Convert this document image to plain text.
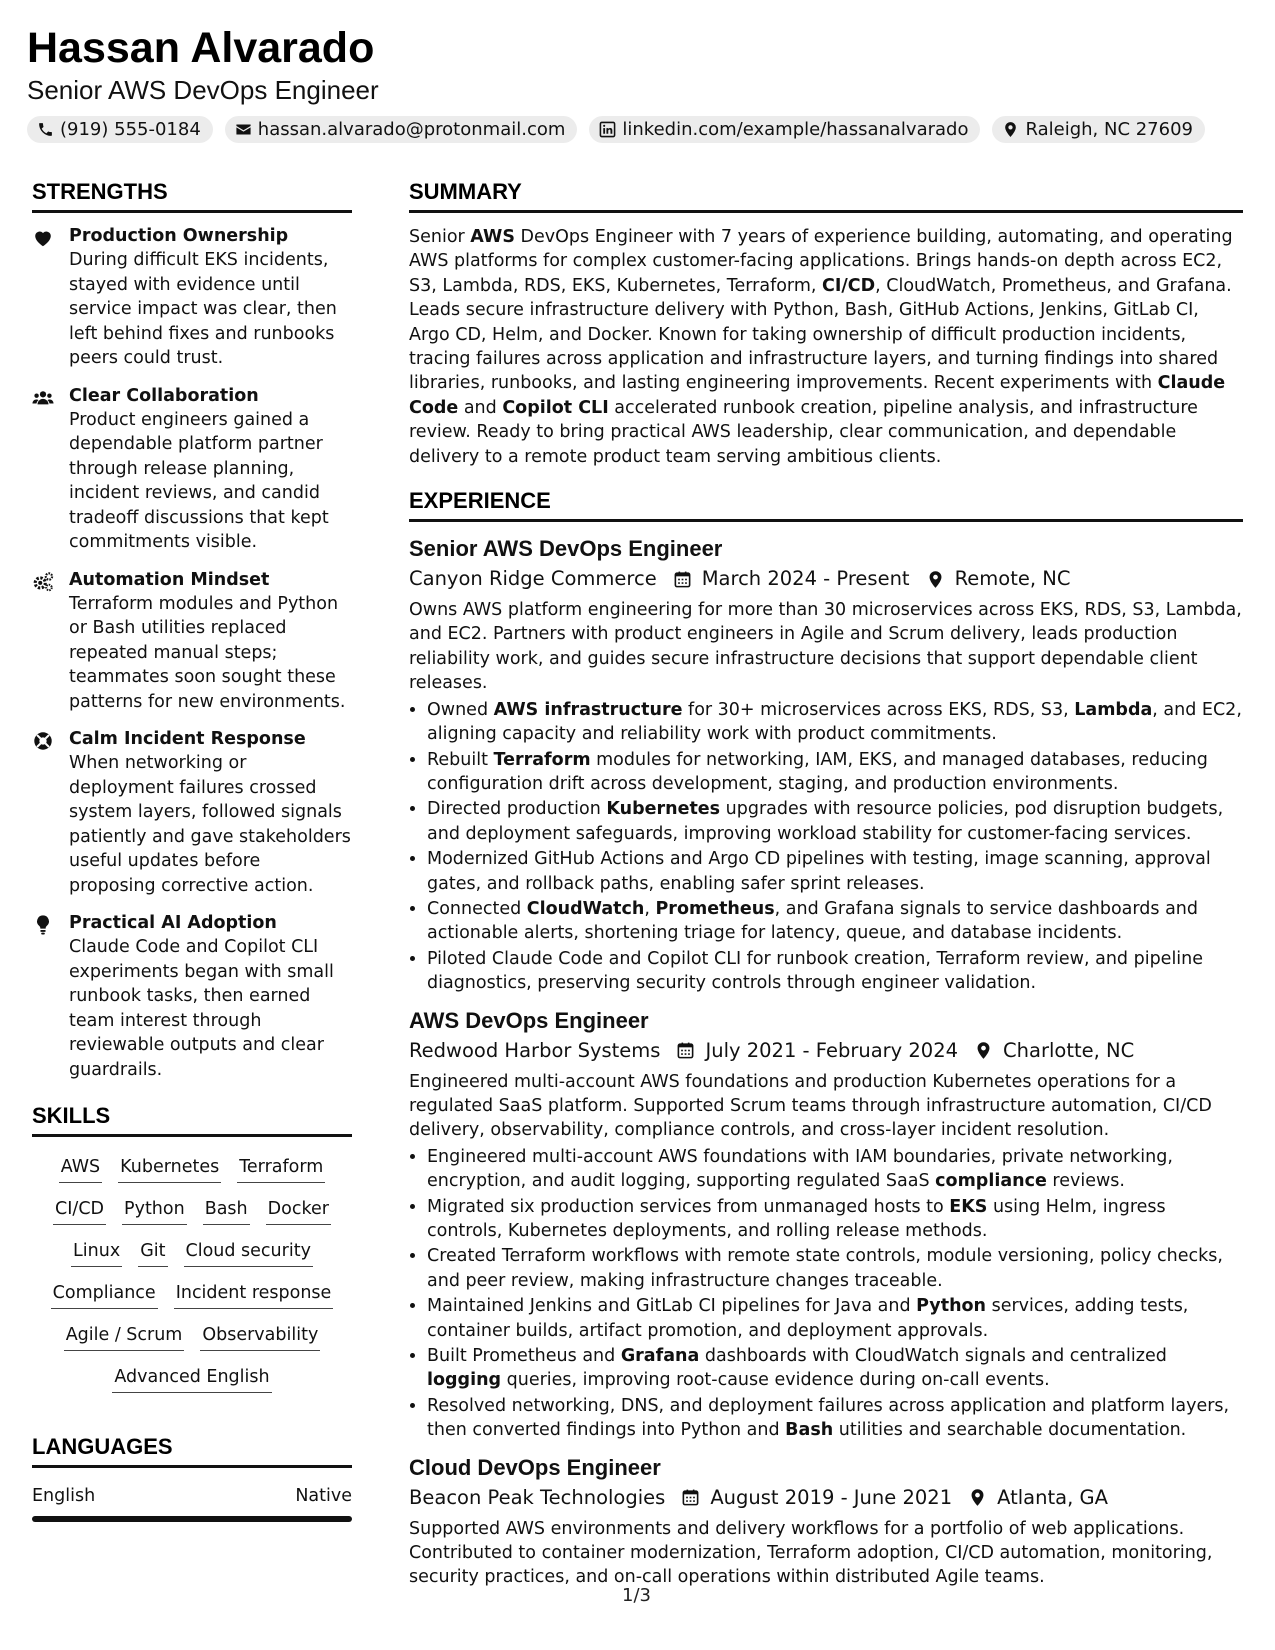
Hassan Alvarado
Senior AWS DevOps Engineer
(919) 555-0184	hassan.alvarado@protonmail.com	linkedin.com/example/hassanalvarado	Raleigh, NC 27609
STRENGTHS
Production Ownership
During difficult EKS incidents, stayed with evidence until service impact was clear, then left behind fixes and runbooks peers could trust.
Clear Collaboration
Product engineers gained a dependable platform partner through release planning, incident reviews, and candid tradeoff discussions that kept commitments visible.
Automation Mindset
Terraform modules and Python or Bash utilities replaced repeated manual steps; teammates soon sought these patterns for new environments.
Calm Incident Response
When networking or deployment failures crossed system layers, followed signals patiently and gave stakeholders useful updates before proposing corrective action.
Practical AI Adoption
Claude Code and Copilot CLI experiments began with small runbook tasks, then earned team interest through reviewable outputs and clear guardrails.
SKILLS
AWS Kubernetes Terraform
CI/CD Python Bash Docker
Linux Git Cloud security
Compliance Incident response
Agile / Scrum Observability
Advanced English
LANGUAGES
English	Native
SUMMARY

Senior AWS DevOps Engineer with 7 years of experience building, automating, and operating AWS platforms for complex customer-facing applications. Brings hands-on depth across EC2, S3, Lambda, RDS, EKS, Kubernetes, Terraform, CI/CD, CloudWatch, Prometheus, and Grafana. Leads secure infrastructure delivery with Python, Bash, GitHub Actions, Jenkins, GitLab CI, Argo CD, Helm, and Docker. Known for taking ownership of difficult production incidents, tracing failures across application and infrastructure layers, and turning findings into shared libraries, runbooks, and lasting engineering improvements. Recent experiments with Claude Code and Copilot CLI accelerated runbook creation, pipeline analysis, and infrastructure review. Ready to bring practical AWS leadership, clear communication, and dependable delivery to a remote product team serving ambitious clients.

EXPERIENCE
Senior AWS DevOps Engineer
Canyon Ridge Commerce March 2024 - Present Remote, NC

Owns AWS platform engineering for more than 30 microservices across EKS, RDS, S3, Lambda, and EC2. Partners with product engineers in Agile and Scrum delivery, leads production reliability work, and guides secure infrastructure decisions that support dependable client releases.

• Owned AWS infrastructure for 30+ microservices across EKS, RDS, S3, Lambda, and EC2, aligning capacity and reliability work with product commitments.
• Rebuilt Terraform modules for networking, IAM, EKS, and managed databases, reducing configuration drift across development, staging, and production environments.
• Directed production Kubernetes upgrades with resource policies, pod disruption budgets, and deployment safeguards, improving workload stability for customer-facing services.
• Modernized GitHub Actions and Argo CD pipelines with testing, image scanning, approval gates, and rollback paths, enabling safer sprint releases.
• Connected CloudWatch, Prometheus, and Grafana signals to service dashboards and actionable alerts, shortening triage for latency, queue, and database incidents.
• Piloted Claude Code and Copilot CLI for runbook creation, Terraform review, and pipeline diagnostics, preserving security controls through engineer validation.
AWS DevOps Engineer
Redwood Harbor Systems July 2021 - February 2024 Charlotte, NC

Engineered multi-account AWS foundations and production Kubernetes operations for a regulated SaaS platform. Supported Scrum teams through infrastructure automation, CI/CD delivery, observability, compliance controls, and cross-layer incident resolution.

• Engineered multi-account AWS foundations with IAM boundaries, private networking, encryption, and audit logging, supporting regulated SaaS compliance reviews.
• Migrated six production services from unmanaged hosts to EKS using Helm, ingress controls, Kubernetes deployments, and rolling release methods.
• Created Terraform workflows with remote state controls, module versioning, policy checks, and peer review, making infrastructure changes traceable.
• Maintained Jenkins and GitLab CI pipelines for Java and Python services, adding tests, container builds, artifact promotion, and deployment approvals.
• Built Prometheus and Grafana dashboards with CloudWatch signals and centralized logging queries, improving root-cause evidence during on-call events.
• Resolved networking, DNS, and deployment failures across application and platform layers, then converted findings into Python and Bash utilities and searchable documentation.
Cloud DevOps Engineer
Beacon Peak Technologies August 2019 - June 2021 Atlanta, GA

Supported AWS environments and delivery workflows for a portfolio of web applications. Contributed to container modernization, Terraform adoption, CI/CD automation, monitoring, security practices, and on-call operations within distributed Agile teams.

1/3
